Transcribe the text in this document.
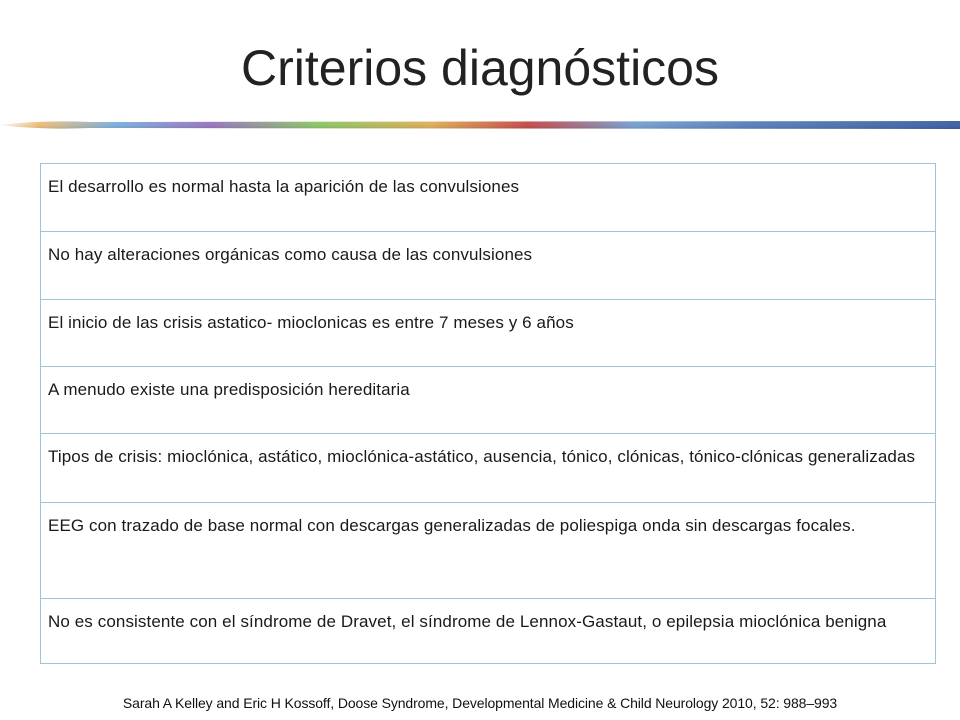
Criterios diagnósticos
El desarrollo es normal hasta la aparición de las convulsiones
No hay alteraciones orgánicas como causa de las convulsiones
El inicio de las crisis astatico- mioclonicas es entre 7 meses y 6 años
A menudo existe una predisposición hereditaria
Tipos de crisis: mioclónica, astático, mioclónica-astático, ausencia, tónico, clónicas, tónico-clónicas generalizadas
EEG con trazado de base normal con descargas generalizadas de poliespiga onda sin descargas focales.
No es consistente con el síndrome de Dravet, el síndrome de Lennox-Gastaut, o epilepsia mioclónica benigna
Sarah A Kelley and Eric H Kossoff, Doose Syndrome, Developmental Medicine & Child Neurology 2010, 52: 988–993
